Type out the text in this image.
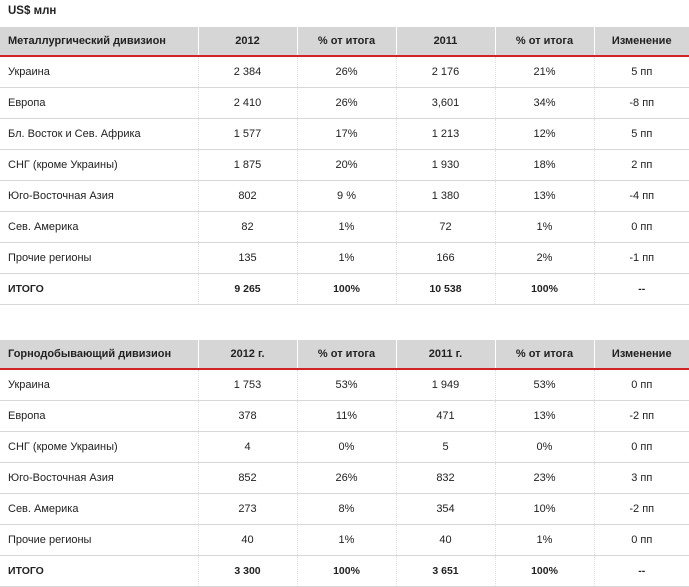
US$ млн
Металлургический дивизион	2012	% от итога	2011	% от итога	Изменение
Украина	2 384	26%	2 176	21%	5 пп
Европа	2 410	26%	3,601	34%	-8 пп
Бл. Восток и Сев. Африка	1 577	17%	1 213	12%	5 пп
СНГ (кроме Украины)	1 875	20%	1 930	18%	2 пп
Юго-Восточная Азия	802	9 %	1 380	13%	-4 пп
Сев. Америка	82	1%	72	1%	0 пп
Прочие регионы	135	1%	166	2%	-1 пп
ИТОГО	9 265	100%	10 538	100%	--
Горнодобывающий дивизион	2012 г.	% от итога	2011 г.	% от итога	Изменение
Украина	1 753	53%	1 949	53%	0 пп
Европа	378	11%	471	13%	-2 пп
СНГ (кроме Украины)	4	0%	5	0%	0 пп
Юго-Восточная Азия	852	26%	832	23%	3 пп
Сев. Америка	273	8%	354	10%	-2 пп
Прочие регионы	40	1%	40	1%	0 пп
ИТОГО	3 300	100%	3 651	100%	--
